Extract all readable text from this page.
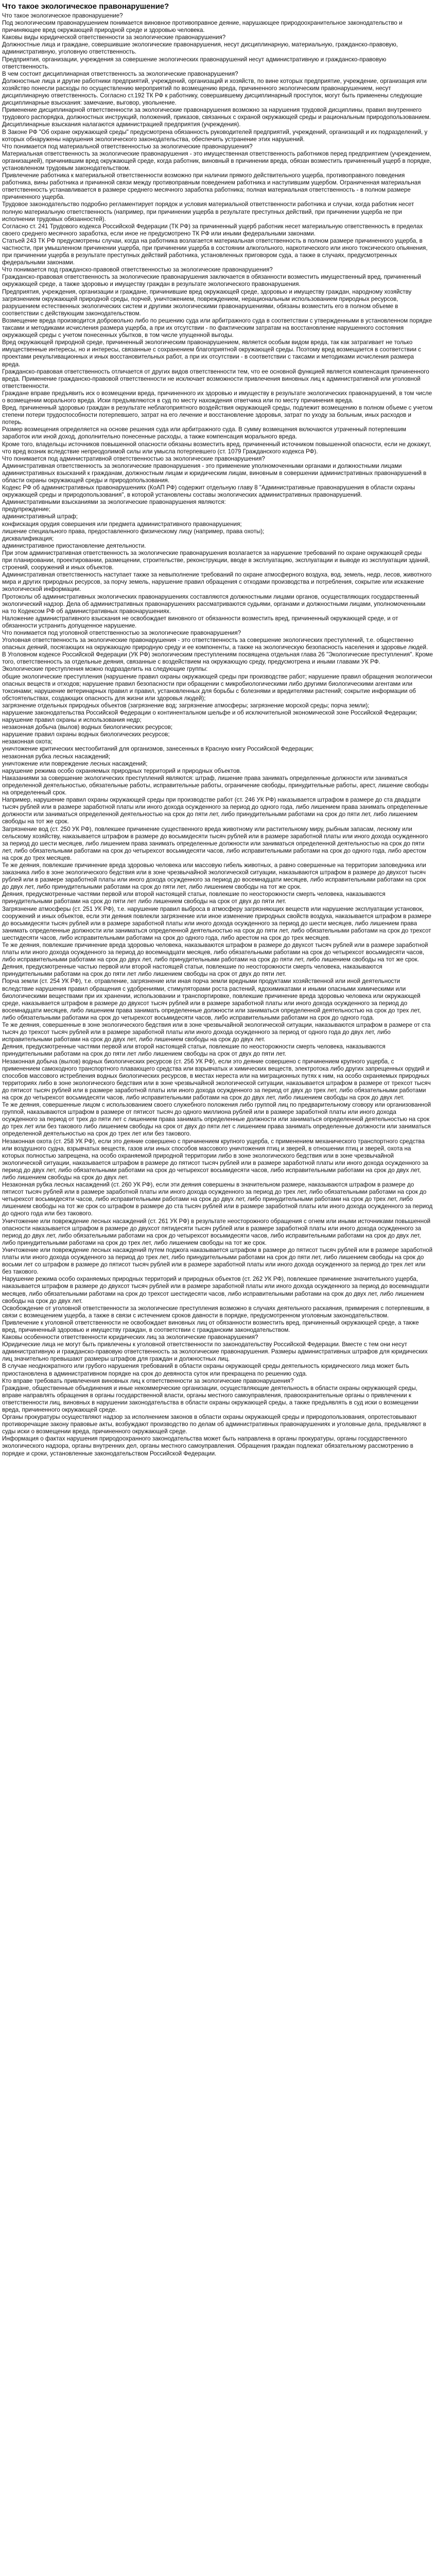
Что такое экологическое правонарушение?

Что такое экологическое правонарушение?

Под экологическим правонарушением понимается виновное противоправное деяние, нарушающее природоохранительное законодательство и причиняющее вред окружающей природной среде и здоровью человека.

Каковы виды юридической ответственности за экологические правонарушения?

Должностные лица и граждане, совершившие экологические правонарушения, несут дисциплинарную, материальную, гражданско-правовую, административную, уголовную ответственность.

Предприятия, организации, учреждения за совершение экологических правонарушений несут административную и гражданско-правовую ответственность.

В чем состоит дисциплинарная ответственность за экологические правонарушения?

Должностные лица и другие работники предприятий, учреждений, организаций и хозяйств, по вине которых предприятие, учреждение, организация или хозяйство понесли расходы по осуществлению мероприятий по возмещению вреда, причиненного экологическим правонарушением, несут дисциплинарную ответственность. Согласно ст.192 ТК РФ к работнику, совершившему дисциплинарный проступок, могут быть применены следующие дисциплинарные взыскания: замечание, выговор, увольнение.

Применение дисциплинарной ответственности за экологические правонарушения возможно за нарушения трудовой дисциплины, правил внутреннего трудового распорядка, должностных инструкций, положений, приказов, связанных с охраной окружающей среды и рациональным природопользованием. Дисциплинарные взыскания налагаются администрацией предприятия (учреждения).

В Законе РФ "Об охране окружающей среды" предусмотрена обязанность руководителей предприятий, учреждений, организаций и их подразделений, у которых обнаружены нарушения экологического законодательства, обеспечить устранение этих нарушений.

Что понимается под материальной ответственностью за экологические правонарушения?

Материальная ответственность за экологические правонарушения - это имущественная ответственность работников перед предприятием (учреждением, организацией), причинившим вред окружающей среде, когда работник, виновный в причинении вреда, обязан возместить причиненный ущерб в порядке, установленном трудовым законодательством.

Привлечение работника к материальной ответственности возможно при наличии прямого действительного ущерба, противоправного поведения работника, вины работника и причинной связи между противоправным поведением работника и наступившим ущербом. Ограниченная материальная ответственность устанавливается в размере среднего месячного заработка работника; полная материальная ответственность - в полном размере причиненного ущерба.

Трудовое законодательство подробно регламентирует порядок и условия материальной ответственности работника и случаи, когда работник несет полную материальную ответственность (например, при причинении ущерба в результате преступных действий, при причинении ущерба не при исполнении трудовых обязанностей).

Согласно ст. 241 Трудового кодекса Российской Федерации (ТК РФ) за причиненный ущерб работник несет материальную ответственность в пределах своего среднего месячного заработка, если иное не предусмотрено ТК РФ или иными федеральными законами.

Статьей 243 ТК РФ предусмотрены случаи, когда на работника возлагается материальная ответственность в полном размере причиненного ущерба, в частности, при умышленном причинении ущерба, при причинении ущерба в состоянии алкогольного, наркотического или иного токсического опьянения, при причинении ущерба в результате преступных действий работника, установленных приговором суда, а также в случаях, предусмотренных федеральными законами.

Что понимается под гражданско-правовой ответственностью за экологические правонарушения?

Гражданско-правовая ответственность за экологические правонарушения заключается в обязанности возместить имущественный вред, причиненный окружающей среде, а также здоровью и имуществу граждан в результате экологического правонарушения.

Предприятия, учреждения, организации и граждане, причинившие вред окружающей среде, здоровью и имуществу граждан, народному хозяйству загрязнением окружающей природной среды, порчей, уничтожением, повреждением, нерациональным использованием природных ресурсов, разрушением естественных экологических систем и другими экологическими правонарушениями, обязаны возместить его в полном объеме в соответствии с действующим законодательством.

Возмещение вреда производится добровольно либо по решению суда или арбитражного суда в соответствии с утвержденными в установленном порядке таксами и методиками исчисления размера ущерба, а при их отсутствии - по фактическим затратам на восстановление нарушенного состояния окружающей среды с учетом понесенных убытков, в том числе упущенной выгоды.

Вред окружающей природной среде, причиненный экологическим правонарушением, является особым видом вреда, так как затрагивает не только имущественные интересы, но и интересы, связанные с сохранением благоприятной окружающей среды. Поэтому вред возмещается в соответствии с проектами рекультивационных и иных восстановительных работ, а при их отсутствии - в соответствии с таксами и методиками исчисления размера вреда.

Гражданско-правовая ответственность отличается от других видов ответственности тем, что ее основной функцией является компенсация причиненного вреда. Применение гражданско-правовой ответственности не исключает возможности привлечения виновных лиц к административной или уголовной ответственности.

Граждане вправе предъявить иск о возмещении вреда, причиненного их здоровью и имуществу в результате экологических правонарушений, в том числе о возмещении морального вреда. Иски предъявляются в суд по месту нахождения ответчика или по месту причинения вреда.

Вред, причиненный здоровью граждан в результате неблагоприятного воздействия окружающей среды, подлежит возмещению в полном объеме с учетом степени потери трудоспособности потерпевшего, затрат на его лечение и восстановление здоровья, затрат по уходу за больным, иных расходов и потерь.

Размер возмещения определяется на основе решения суда или арбитражного суда. В сумму возмещения включаются утраченный потерпевшим заработок или иной доход, дополнительно понесенные расходы, а также компенсация морального вреда.

Кроме того, владельцы источников повышенной опасности обязаны возместить вред, причиненный источником повышенной опасности, если не докажут, что вред возник вследствие непреодолимой силы или умысла потерпевшего (ст. 1079 Гражданского кодекса РФ).

Что понимается под административной ответственностью за экологические правонарушения?

Административная ответственность за экологические правонарушения - это применение уполномоченными органами и должностными лицами административных взысканий к гражданам, должностным лицам и юридическим лицам, виновным в совершении административных правонарушений в области охраны окружающей среды и природопользования.

Кодекс РФ об административных правонарушениях (КоАП РФ) содержит отдельную главу 8 "Административные правонарушения в области охраны окружающей среды и природопользования", в которой установлены составы экологических административных правонарушений.

Административными взысканиями за экологические правонарушения являются:

предупреждение;

административный штраф;

конфискация орудия совершения или предмета административного правонарушения;

лишение специального права, предоставленного физическому лицу (например, права охоты);

дисквалификация;

административное приостановление деятельности.

При этом административная ответственность за экологические правонарушения возлагается за нарушение требований по охране окружающей среды при планировании, проектировании, размещении, строительстве, реконструкции, вводе в эксплуатацию, эксплуатации и выводе из эксплуатации зданий, строений, сооружений и иных объектов.

Административная ответственность наступает также за невыполнение требований по охране атмосферного воздуха, вод, земель, недр, лесов, животного мира и других природных ресурсов, за порчу земель, нарушение правил обращения с отходами производства и потребления, сокрытие или искажение экологической информации.

Протоколы об административных экологических правонарушениях составляются должностными лицами органов, осуществляющих государственный экологический надзор. Дела об административных правонарушениях рассматриваются судьями, органами и должностными лицами, уполномоченными на то Кодексом РФ об административных правонарушениях.

Наложение административного взыскания не освобождает виновного от обязанности возместить вред, причиненный окружающей среде, и от обязанности устранить допущенное нарушение.

Что понимается под уголовной ответственностью за экологические правонарушения?

Уголовная ответственность за экологические правонарушения - это ответственность за совершение экологических преступлений, т.е. общественно опасных деяний, посягающих на окружающую природную среду и ее компоненты, а также на экологическую безопасность населения и здоровье людей.

В Уголовном кодексе Российской Федерации (УК РФ) экологическим преступлениям посвящена отдельная глава 26 "Экологические преступления". Кроме того, ответственность за отдельные деяния, связанные с воздействием на окружающую среду, предусмотрена и иными главами УК РФ.

Экологические преступления можно подразделить на следующие группы:

общие экологические преступления (нарушение правил охраны окружающей среды при производстве работ; нарушение правил обращения экологически опасных веществ и отходов; нарушение правил безопасности при обращении с микробиологическими либо другими биологическими агентами или токсинами; нарушение ветеринарных правил и правил, установленных для борьбы с болезнями и вредителями растений; сокрытие информации об обстоятельствах, создающих опасность для жизни или здоровья людей);

загрязнение отдельных природных объектов (загрязнение вод; загрязнение атмосферы; загрязнение морской среды; порча земли);

нарушение законодательства Российской Федерации о континентальном шельфе и об исключительной экономической зоне Российской Федерации;

нарушение правил охраны и использования недр;

незаконная добыча (вылов) водных биологических ресурсов;

нарушение правил охраны водных биологических ресурсов;

незаконная охота;

уничтожение критических местообитаний для организмов, занесенных в Красную книгу Российской Федерации;

незаконная рубка лесных насаждений;

уничтожение или повреждение лесных насаждений;

нарушение режима особо охраняемых природных территорий и природных объектов.

Наказаниями за совершение экологических преступлений являются: штраф, лишение права занимать определенные должности или заниматься определенной деятельностью, обязательные работы, исправительные работы, ограничение свободы, принудительные работы, арест, лишение свободы на определенный срок.

Например, нарушение правил охраны окружающей среды при производстве работ (ст. 246 УК РФ) наказывается штрафом в размере до ста двадцати тысяч рублей или в размере заработной платы или иного дохода осужденного за период до одного года, либо лишением права занимать определенные должности или заниматься определенной деятельностью на срок до пяти лет, либо принудительными работами на срок до пяти лет, либо лишением свободы на тот же срок.

Загрязнение вод (ст. 250 УК РФ), повлекшее причинение существенного вреда животному или растительному миру, рыбным запасам, лесному или сельскому хозяйству, наказывается штрафом в размере до восьмидесяти тысяч рублей или в размере заработной платы или иного дохода осужденного за период до шести месяцев, либо лишением права занимать определенные должности или заниматься определенной деятельностью на срок до пяти лет, либо обязательными работами на срок до четырехсот восьмидесяти часов, либо исправительными работами на срок до одного года, либо арестом на срок до трех месяцев.

Те же деяния, повлекшие причинение вреда здоровью человека или массовую гибель животных, а равно совершенные на территории заповедника или заказника либо в зоне экологического бедствия или в зоне чрезвычайной экологической ситуации, наказываются штрафом в размере до двухсот тысяч рублей или в размере заработной платы или иного дохода осужденного за период до восемнадцати месяцев, либо исправительными работами на срок до двух лет, либо принудительными работами на срок до пяти лет, либо лишением свободы на тот же срок.

Деяния, предусмотренные частями первой или второй настоящей статьи, повлекшие по неосторожности смерть человека, наказываются принудительными работами на срок до пяти лет либо лишением свободы на срок от двух до пяти лет.

Загрязнение атмосферы (ст. 251 УК РФ), т.е. нарушение правил выброса в атмосферу загрязняющих веществ или нарушение эксплуатации установок, сооружений и иных объектов, если эти деяния повлекли загрязнение или иное изменение природных свойств воздуха, наказывается штрафом в размере до восьмидесяти тысяч рублей или в размере заработной платы или иного дохода осужденного за период до шести месяцев, либо лишением права занимать определенные должности или заниматься определенной деятельностью на срок до пяти лет, либо обязательными работами на срок до трехсот шестидесяти часов, либо исправительными работами на срок до одного года, либо арестом на срок до трех месяцев.

Те же деяния, повлекшие причинение вреда здоровью человека, наказываются штрафом в размере до двухсот тысяч рублей или в размере заработной платы или иного дохода осужденного за период до восемнадцати месяцев, либо обязательными работами на срок до четырехсот восьмидесяти часов, либо исправительными работами на срок до двух лет, либо принудительными работами на срок до пяти лет, либо лишением свободы на тот же срок.

Деяния, предусмотренные частью первой или второй настоящей статьи, повлекшие по неосторожности смерть человека, наказываются принудительными работами на срок до пяти лет либо лишением свободы на срок от двух до пяти лет.

Порча земли (ст. 254 УК РФ), т.е. отравление, загрязнение или иная порча земли вредными продуктами хозяйственной или иной деятельности вследствие нарушения правил обращения с удобрениями, стимуляторами роста растений, ядохимикатами и иными опасными химическими или биологическими веществами при их хранении, использовании и транспортировке, повлекшие причинение вреда здоровью человека или окружающей среде, наказывается штрафом в размере до двухсот тысяч рублей или в размере заработной платы или иного дохода осужденного за период до восемнадцати месяцев, либо лишением права занимать определенные должности или заниматься определенной деятельностью на срок до трех лет, либо обязательными работами на срок до четырехсот восьмидесяти часов, либо исправительными работами на срок до одного года.

Те же деяния, совершенные в зоне экологического бедствия или в зоне чрезвычайной экологической ситуации, наказываются штрафом в размере от ста тысяч до трехсот тысяч рублей или в размере заработной платы или иного дохода осужденного за период от одного года до двух лет, либо исправительными работами на срок до двух лет, либо лишением свободы на срок до двух лет.

Деяния, предусмотренные частями первой или второй настоящей статьи, повлекшие по неосторожности смерть человека, наказываются принудительными работами на срок до пяти лет либо лишением свободы на срок от двух до пяти лет.

Незаконная добыча (вылов) водных биологических ресурсов (ст. 256 УК РФ), если это деяние совершено с причинением крупного ущерба, с применением самоходного транспортного плавающего средства или взрывчатых и химических веществ, электротока либо других запрещенных орудий и способов массового истребления водных биологических ресурсов, в местах нереста или на миграционных путях к ним, на особо охраняемых природных территориях либо в зоне экологического бедствия или в зоне чрезвычайной экологической ситуации, наказывается штрафом в размере от трехсот тысяч до пятисот тысяч рублей или в размере заработной платы или иного дохода осужденного за период от двух до трех лет, либо обязательными работами на срок до четырехсот восьмидесяти часов, либо исправительными работами на срок до двух лет, либо лишением свободы на срок до двух лет.

Те же деяния, совершенные лицом с использованием своего служебного положения либо группой лиц по предварительному сговору или организованной группой, наказываются штрафом в размере от пятисот тысяч до одного миллиона рублей или в размере заработной платы или иного дохода осужденного за период от трех до пяти лет с лишением права занимать определенные должности или заниматься определенной деятельностью на срок до трех лет или без такового либо лишением свободы на срок от двух до пяти лет с лишением права занимать определенные должности или заниматься определенной деятельностью на срок до трех лет или без такового.

Незаконная охота (ст. 258 УК РФ), если это деяние совершено с причинением крупного ущерба, с применением механического транспортного средства или воздушного судна, взрывчатых веществ, газов или иных способов массового уничтожения птиц и зверей, в отношении птиц и зверей, охота на которых полностью запрещена, на особо охраняемой природной территории либо в зоне экологического бедствия или в зоне чрезвычайной экологической ситуации, наказывается штрафом в размере до пятисот тысяч рублей или в размере заработной платы или иного дохода осужденного за период до двух лет, либо обязательными работами на срок до четырехсот восьмидесяти часов, либо исправительными работами на срок до двух лет, либо лишением свободы на срок до двух лет.

Незаконная рубка лесных насаждений (ст. 260 УК РФ), если эти деяния совершены в значительном размере, наказываются штрафом в размере до пятисот тысяч рублей или в размере заработной платы или иного дохода осужденного за период до трех лет, либо обязательными работами на срок до четырехсот восьмидесяти часов, либо исправительными работами на срок до двух лет, либо принудительными работами на срок до трех лет, либо лишением свободы на тот же срок со штрафом в размере до ста тысяч рублей или в размере заработной платы или иного дохода осужденного за период до одного года или без такового.

Уничтожение или повреждение лесных насаждений (ст. 261 УК РФ) в результате неосторожного обращения с огнем или иными источниками повышенной опасности наказывается штрафом в размере до двухсот пятидесяти тысяч рублей или в размере заработной платы или иного дохода осужденного за период до двух лет, либо обязательными работами на срок до четырехсот восьмидесяти часов, либо исправительными работами на срок до двух лет, либо принудительными работами на срок до трех лет, либо лишением свободы на тот же срок.

Уничтожение или повреждение лесных насаждений путем поджога наказывается штрафом в размере до пятисот тысяч рублей или в размере заработной платы или иного дохода осужденного за период до трех лет, либо принудительными работами на срок до пяти лет, либо лишением свободы на срок до восьми лет со штрафом в размере до пятисот тысяч рублей или в размере заработной платы или иного дохода осужденного за период до трех лет или без такового.

Нарушение режима особо охраняемых природных территорий и природных объектов (ст. 262 УК РФ), повлекшее причинение значительного ущерба, наказывается штрафом в размере до двухсот тысяч рублей или в размере заработной платы или иного дохода осужденного за период до восемнадцати месяцев, либо обязательными работами на срок до трехсот шестидесяти часов, либо исправительными работами на срок до двух лет, либо лишением свободы на срок до двух лет.

Освобождение от уголовной ответственности за экологические преступления возможно в случаях деятельного раскаяния, примирения с потерпевшим, в связи с возмещением ущерба, а также в связи с истечением сроков давности в порядке, предусмотренном уголовным законодательством.

Привлечение к уголовной ответственности не освобождает виновных лиц от обязанности возместить вред, причиненный окружающей среде, а также вред, причиненный здоровью и имуществу граждан, в соответствии с гражданским законодательством.

Каковы особенности ответственности юридических лиц за экологические правонарушения?

Юридические лица не могут быть привлечены к уголовной ответственности по законодательству Российской Федерации. Вместе с тем они несут административную и гражданско-правовую ответственность за экологические правонарушения. Размеры административных штрафов для юридических лиц значительно превышают размеры штрафов для граждан и должностных лиц.

В случае неоднократного или грубого нарушения требований в области охраны окружающей среды деятельность юридического лица может быть приостановлена в административном порядке на срок до девяноста суток или прекращена по решению суда.

Кто вправе требовать привлечения виновных лиц к ответственности за экологические правонарушения?

Граждане, общественные объединения и иные некоммерческие организации, осуществляющие деятельность в области охраны окружающей среды, вправе направлять обращения в органы государственной власти, органы местного самоуправления, правоохранительные органы о привлечении к ответственности лиц, виновных в нарушении законодательства в области охраны окружающей среды, а также предъявлять в суд иски о возмещении вреда, причиненного окружающей среде.

Органы прокуратуры осуществляют надзор за исполнением законов в области охраны окружающей среды и природопользования, опротестовывают противоречащие закону правовые акты, возбуждают производство по делам об административных правонарушениях и уголовные дела, предъявляют в суды иски о возмещении вреда, причиненного окружающей среде.

Информация о фактах нарушения природоохранного законодательства может быть направлена в органы прокуратуры, органы государственного экологического надзора, органы внутренних дел, органы местного самоуправления. Обращения граждан подлежат обязательному рассмотрению в порядке и сроки, установленные законодательством Российской Федерации.
